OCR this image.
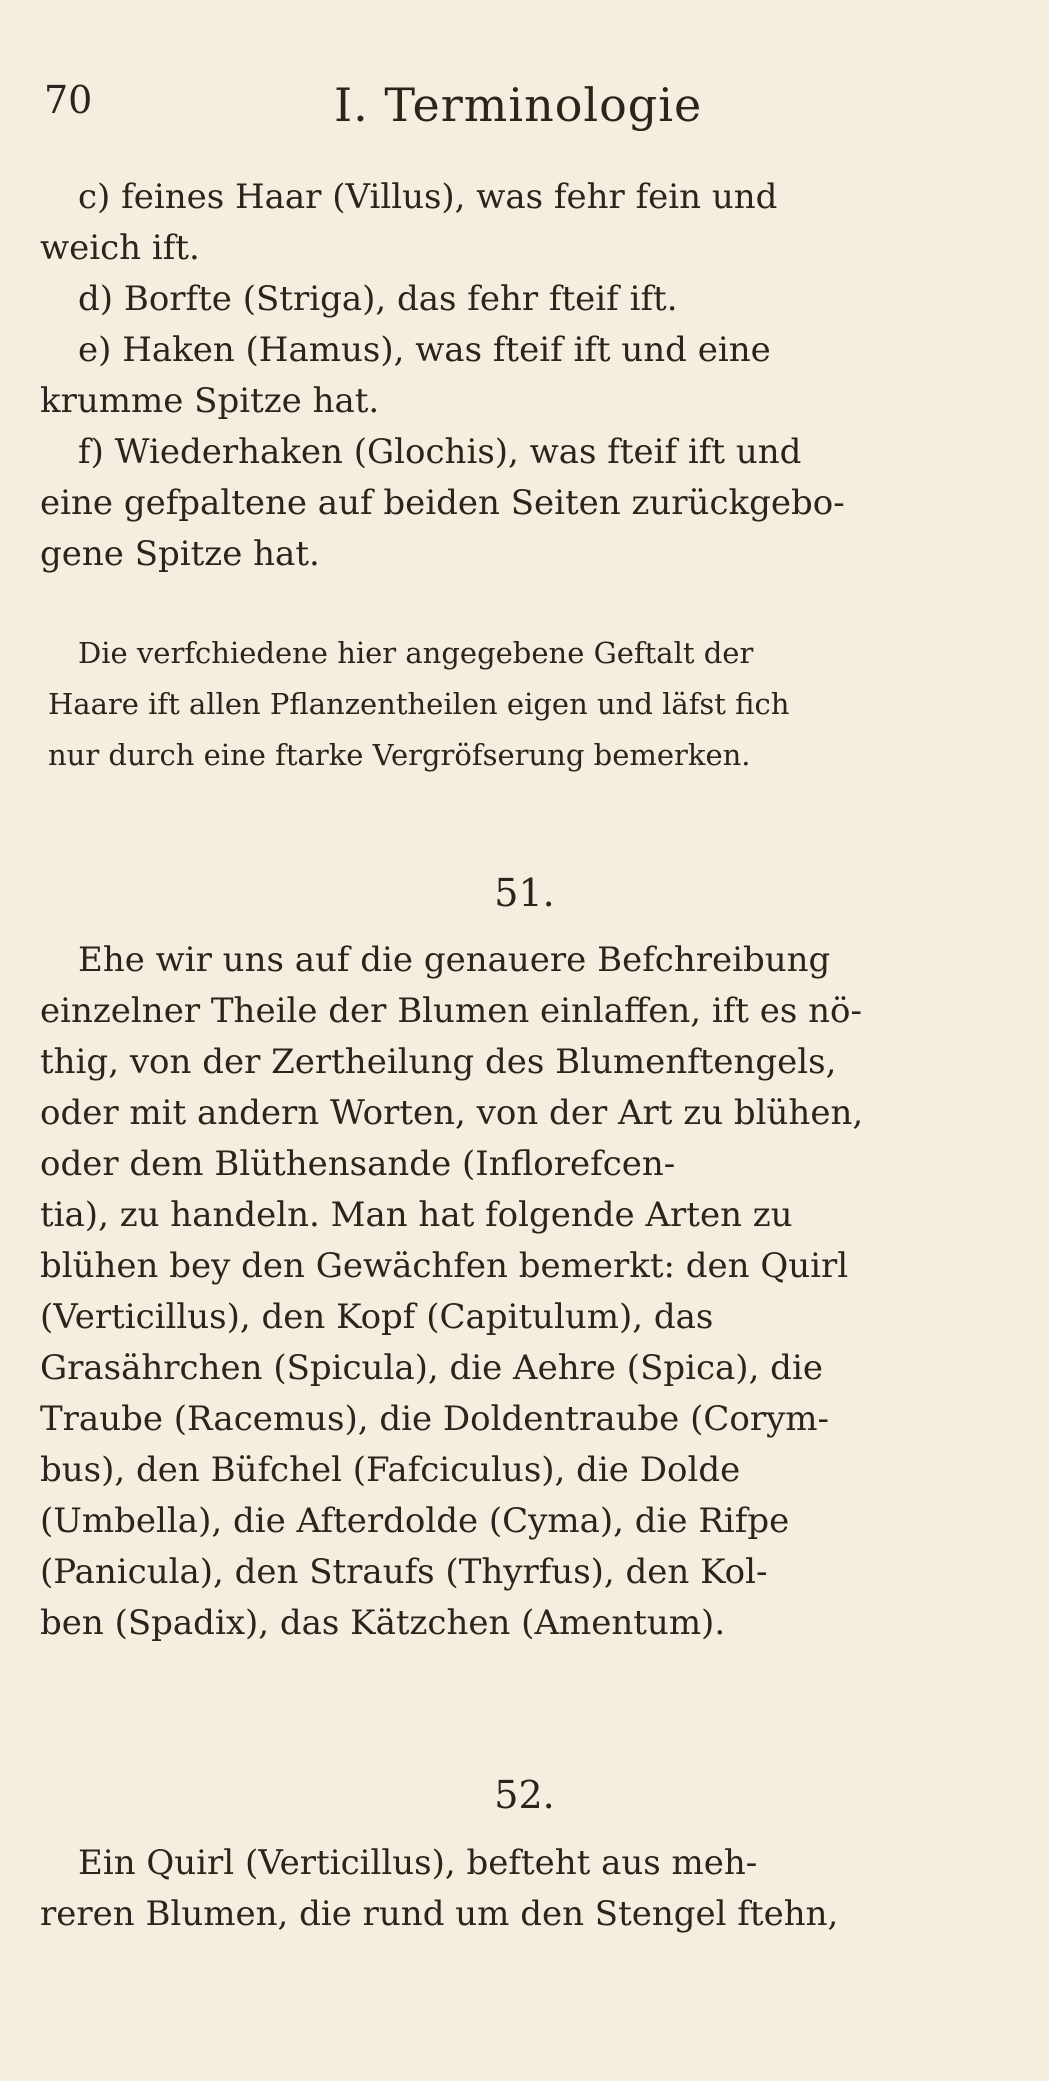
70	I. Terminologie

c) feines Haar (Villus), was fehr fein und

weich ift.

d) Borfte (Striga), das fehr fteif ift.

e) Haken (Hamus), was fteif ift und eine

krumme Spitze hat.

f) Wiederhaken (Glochis), was fteif ift und

eine gefpaltene auf beiden Seiten zurückgebo-

gene Spitze hat.

Die verfchiedene hier angegebene Geftalt der

Haare ift allen Pflanzentheilen eigen und läfst fich

nur durch eine ftarke Vergröfserung bemerken.

51.

Ehe wir uns auf die genauere Befchreibung

einzelner Theile der Blumen einlaffen, ift es nö-

thig, von der Zertheilung des Blumenftengels,

oder mit andern Worten, von der Art zu blühen,

oder dem Blüthensande (Inflorefcen-

tia), zu handeln. Man hat folgende Arten zu

blühen bey den Gewächfen bemerkt: den Quirl

(Verticillus), den Kopf (Capitulum), das

Grasährchen (Spicula), die Aehre (Spica), die

Traube (Racemus), die Doldentraube (Corym-

bus), den Büfchel (Fafciculus), die Dolde

(Umbella), die Afterdolde (Cyma), die Rifpe

(Panicula), den Straufs (Thyrfus), den Kol-

ben (Spadix), das Kätzchen (Amentum).

52.

Ein Quirl (Verticillus), befteht aus meh-

reren Blumen, die rund um den Stengel ftehn,
